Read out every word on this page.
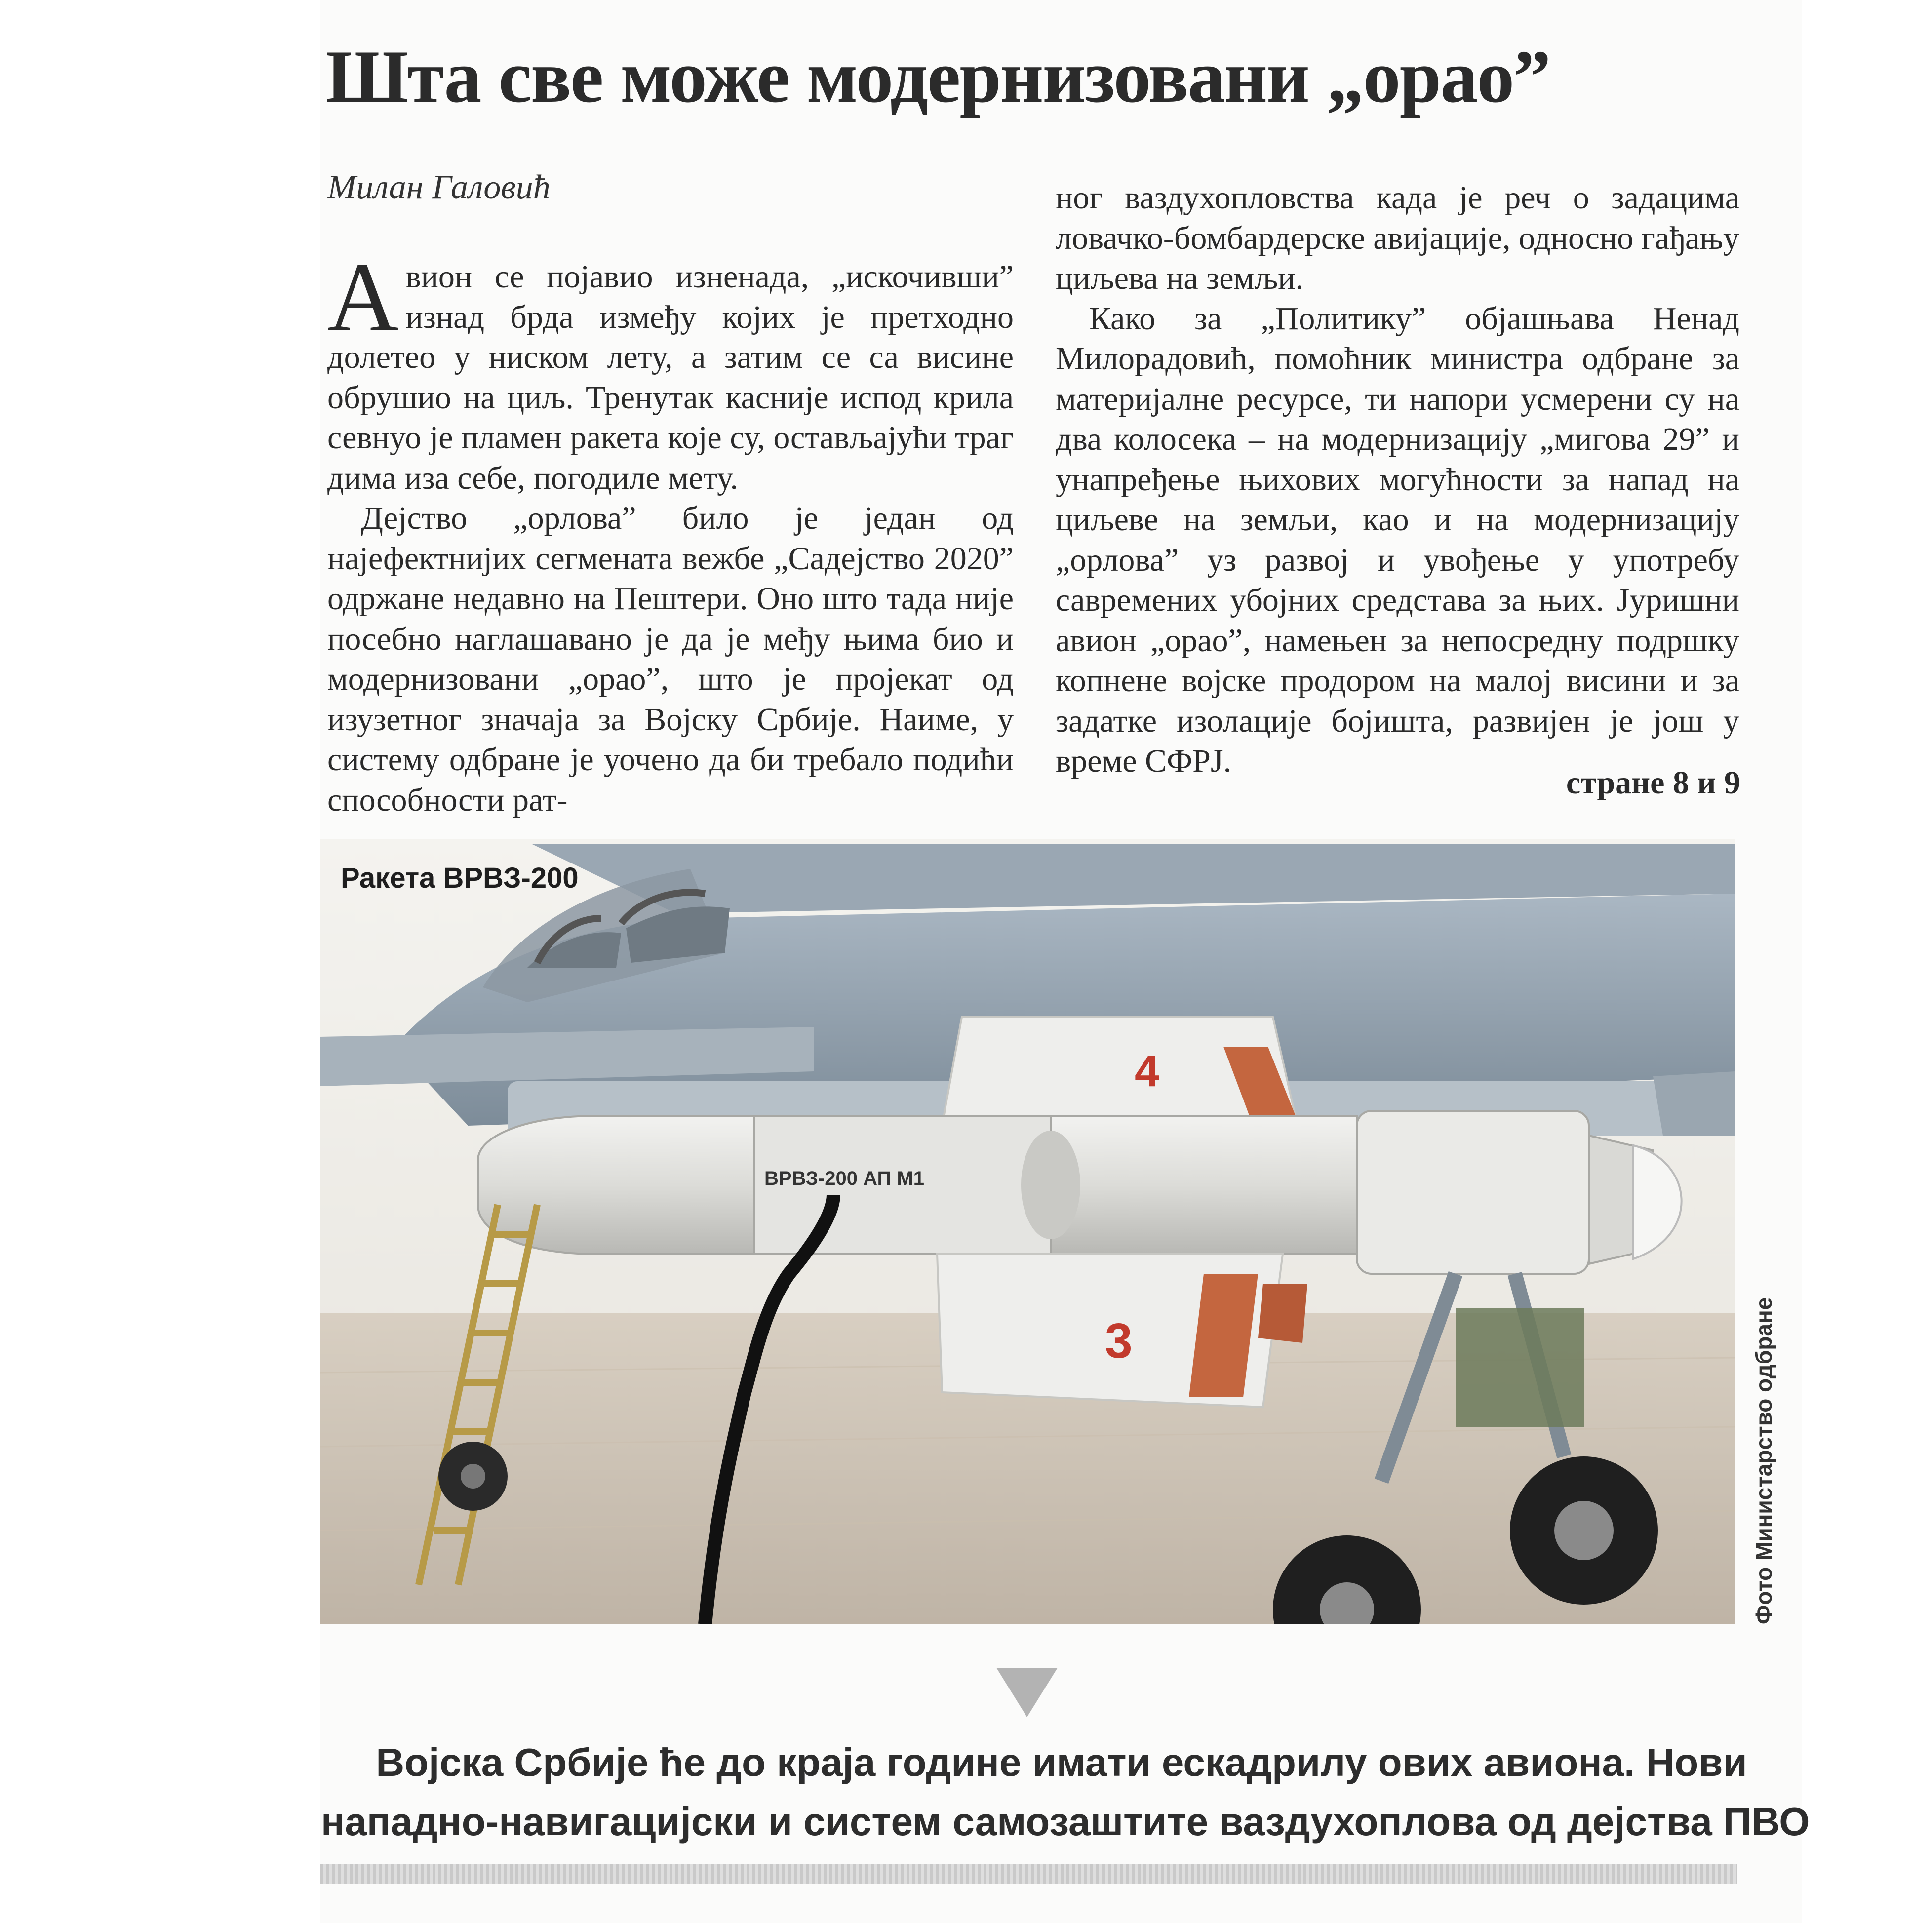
Шта све може модернизовани „орао”
Милан Галовић

Авион се појавио изненада, „искочивши” изнад брда између којих је претходно долетео у ниском лету, а затим се са висине обрушио на циљ. Тренутак касније испод крила севнуо је пламен ракета које су, остављајући траг дима иза себе, погодиле мету.

Дејство „орлова” било је један од најефектнијих сегмената вежбе „Садејство 2020” одржане недавно на Пештери. Оно што тада није посебно наглашавано је да је међу њима био и модернизовани „орао”, што је пројекат од изузетног значаја за Војску Србије. Наиме, у систему одбране је уочено да би требало подићи способности рат-

ног ваздухопловства када је реч о задацима ловачко-бомбардерске авијације, односно гађању циљева на земљи.

Како за „Политику” објашњава Ненад Милорадовић, помоћник министра одбране за материјалне ресурсе, ти напори усмерени су на два колосека – на модернизацију „мигова 29” и унапређење њихових могућности за напад на циљеве на земљи, као и на модернизацију „орлова” уз развој и увођење у употребу савремених убојних средстава за њих. Јуришни авион „орао”, намењен за непосредну подршку копнене војске продором на малој висини и за задатке изолације бојишта, развијен је још у време СФРЈ.

стране 8 и 9
4
ВРВЗ-200 АП М1
3
Ракета ВРВЗ-200
Фото Министарство одбране
Војска Србије ће до краја године имати ескадрилу ових авиона. Нови
нападно-навигацијски и систем самозаштите ваздухоплова од дејства ПВО
